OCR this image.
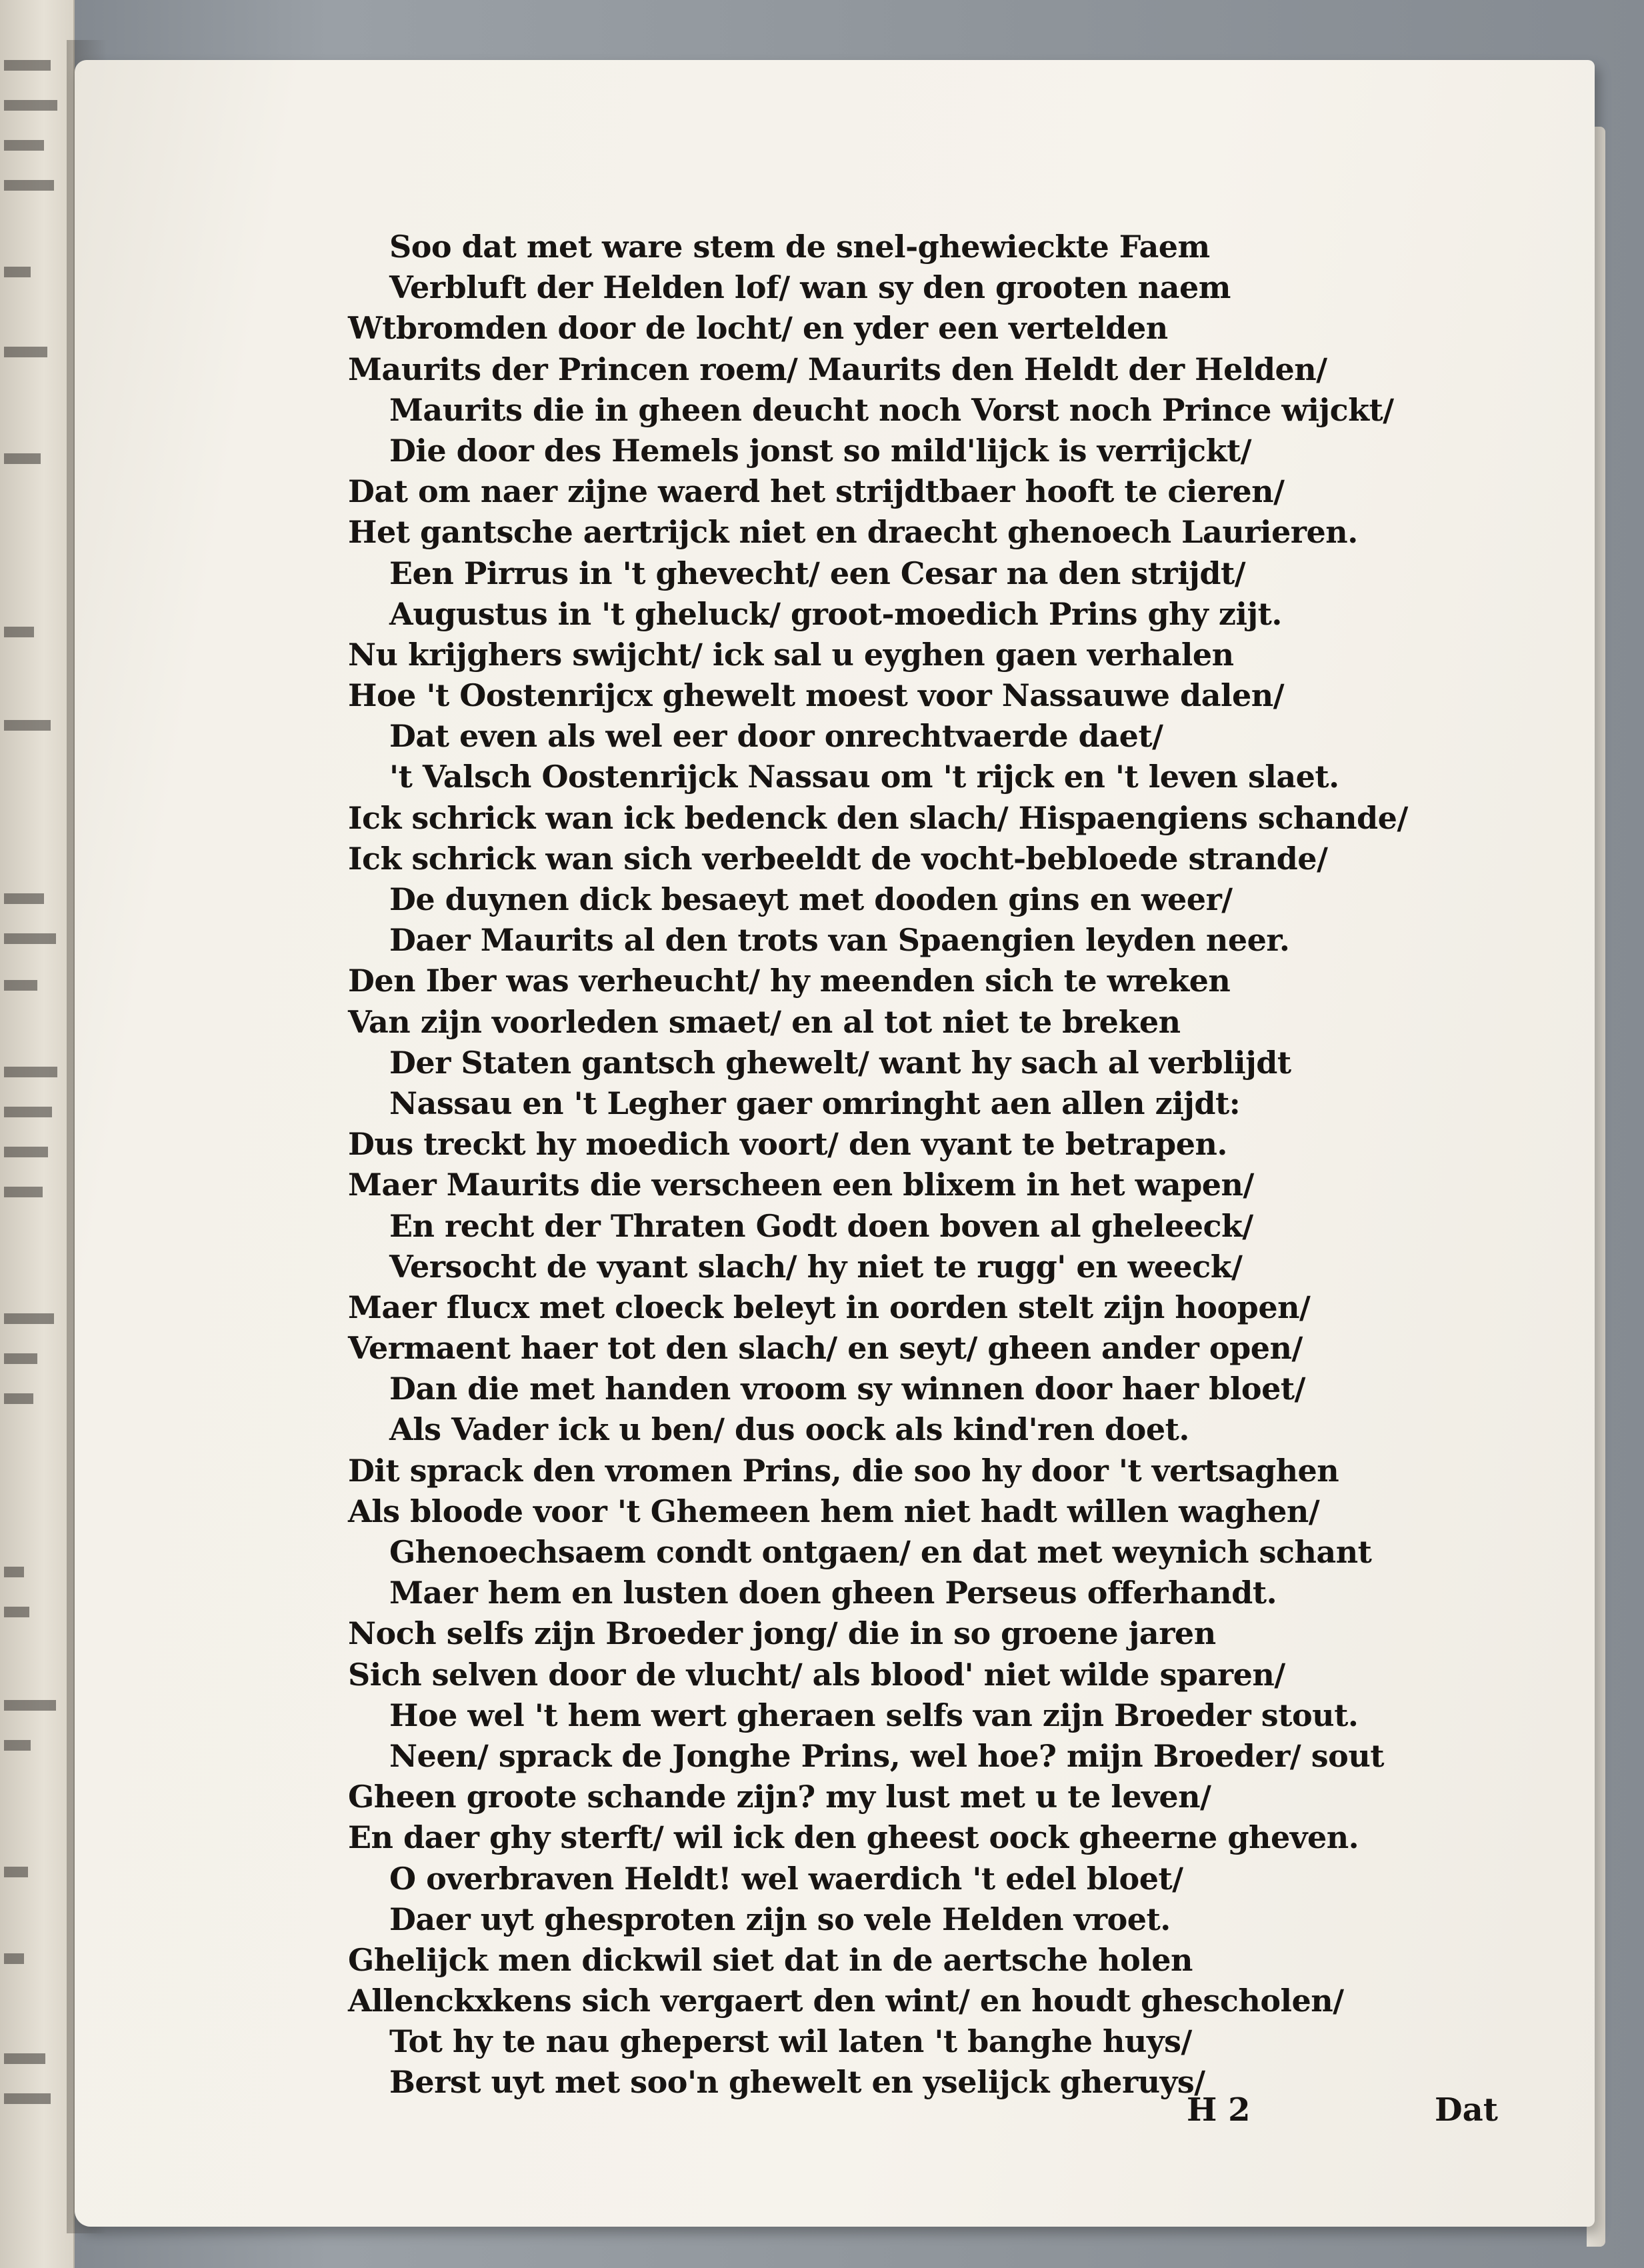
Soo dat met ware stem de snel-ghewieckte Faem
Verbluft der Helden lof/ wan sy den grooten naem
Wtbromden door de locht/ en yder een vertelden
Maurits der Princen roem/ Maurits den Heldt der Helden/
Maurits die in gheen deucht noch Vorst noch Prince wijckt/
Die door des Hemels jonst so mild'lijck is verrijckt/
Dat om naer zijne waerd het strijdtbaer hooft te cieren/
Het gantsche aertrijck niet en draecht ghenoech Laurieren.
Een Pirrus in 't ghevecht/ een Cesar na den strijdt/
Augustus in 't gheluck/ groot-moedich Prins ghy zijt.
Nu krijghers swijcht/ ick sal u eyghen gaen verhalen
Hoe 't Oostenrijcx ghewelt moest voor Nassauwe dalen/
Dat even als wel eer door onrechtvaerde daet/
't Valsch Oostenrijck Nassau om 't rijck en 't leven slaet.
Ick schrick wan ick bedenck den slach/ Hispaengiens schande/
Ick schrick wan sich verbeeldt de vocht-bebloede strande/
De duynen dick besaeyt met dooden gins en weer/
Daer Maurits al den trots van Spaengien leyden neer.
Den Iber was verheucht/ hy meenden sich te wreken
Van zijn voorleden smaet/ en al tot niet te breken
Der Staten gantsch ghewelt/ want hy sach al verblijdt
Nassau en 't Legher gaer omringht aen allen zijdt:
Dus treckt hy moedich voort/ den vyant te betrapen.
Maer Maurits die verscheen een blixem in het wapen/
En recht der Thraten Godt doen boven al gheleeck/
Versocht de vyant slach/ hy niet te rugg' en weeck/
Maer flucx met cloeck beleyt in oorden stelt zijn hoopen/
Vermaent haer tot den slach/ en seyt/ gheen ander open/
Dan die met handen vroom sy winnen door haer bloet/
Als Vader ick u ben/ dus oock als kind'ren doet.
Dit sprack den vromen Prins, die soo hy door 't vertsaghen
Als bloode voor 't Ghemeen hem niet hadt willen waghen/
Ghenoechsaem condt ontgaen/ en dat met weynich schant
Maer hem en lusten doen gheen Perseus offerhandt.
Noch selfs zijn Broeder jong/ die in so groene jaren
Sich selven door de vlucht/ als blood' niet wilde sparen/
Hoe wel 't hem wert gheraen selfs van zijn Broeder stout.
Neen/ sprack de Jonghe Prins, wel hoe? mijn Broeder/ sout
Gheen groote schande zijn? my lust met u te leven/
En daer ghy sterft/ wil ick den gheest oock gheerne gheven.
O overbraven Heldt! wel waerdich 't edel bloet/
Daer uyt ghesproten zijn so vele Helden vroet.
Ghelijck men dickwil siet dat in de aertsche holen
Allenckxkens sich vergaert den wint/ en houdt ghescholen/
Tot hy te nau gheperst wil laten 't banghe huys/
Berst uyt met soo'n ghewelt en yselijck gheruys/
H 2	Dat
